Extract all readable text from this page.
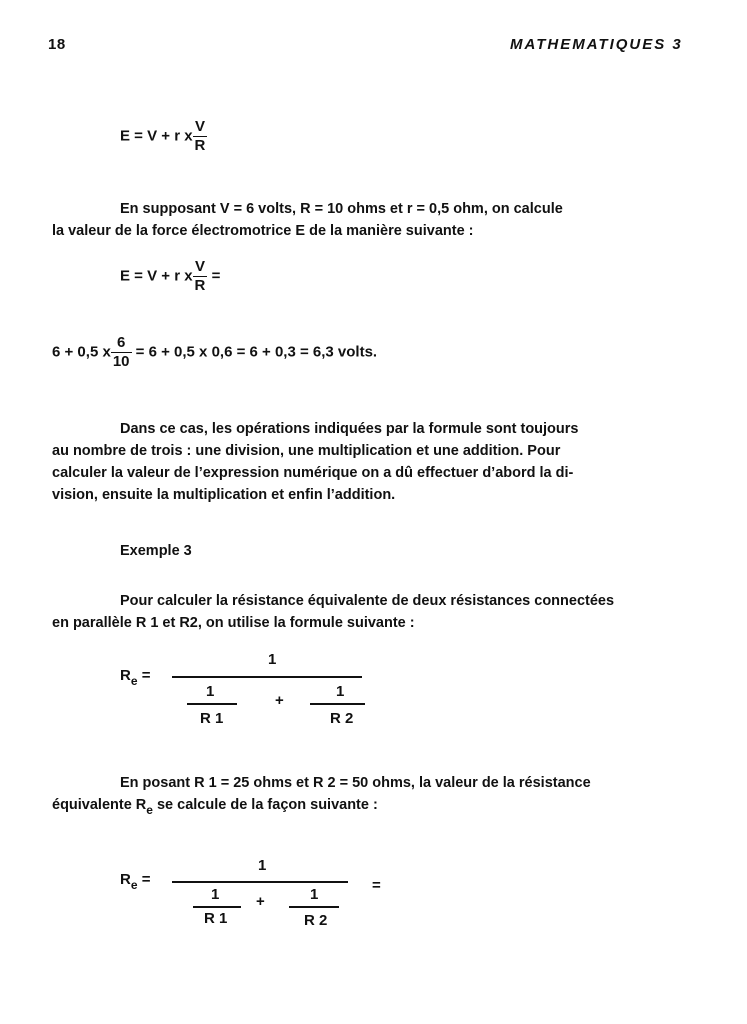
18	MATHEMATIQUES 3
E = V + r x $\frac{V}{R}$
En supposant V = 6 volts, R = 10 ohms et r = 0,5 ohm, on calcule
la valeur de la force électromotrice E de la manière suivante :
E = V + r x $\frac{V}{R}$ =
6 + 0,5 x $\frac{6}{10} = 6 + 0,5$ x 0,6 = 6 + 0,3 = 6,3 volts.
Dans ce cas, les opérations indiquées par la formule sont toujours
au nombre de trois : une division, une multiplication et une addition. Pour
calculer la valeur de l’expression numérique on a dû effectuer d’abord la di-
vision, ensuite la multiplication et enfin l’addition.
Exemple 3
Pour calculer la résistance équivalente de deux résistances connectées
en parallèle R 1 et R2, on utilise la formule suivante :
$R_e$ =
1
1
R 1
+
1
R 2
En posant R 1 = 25 ohms et R 2 = 50 ohms, la valeur de la résistance
équivalente $R_e$ se calcule de la façon suivante :
$R_e$ =
1
1
R 1
+	1
R 2
=
